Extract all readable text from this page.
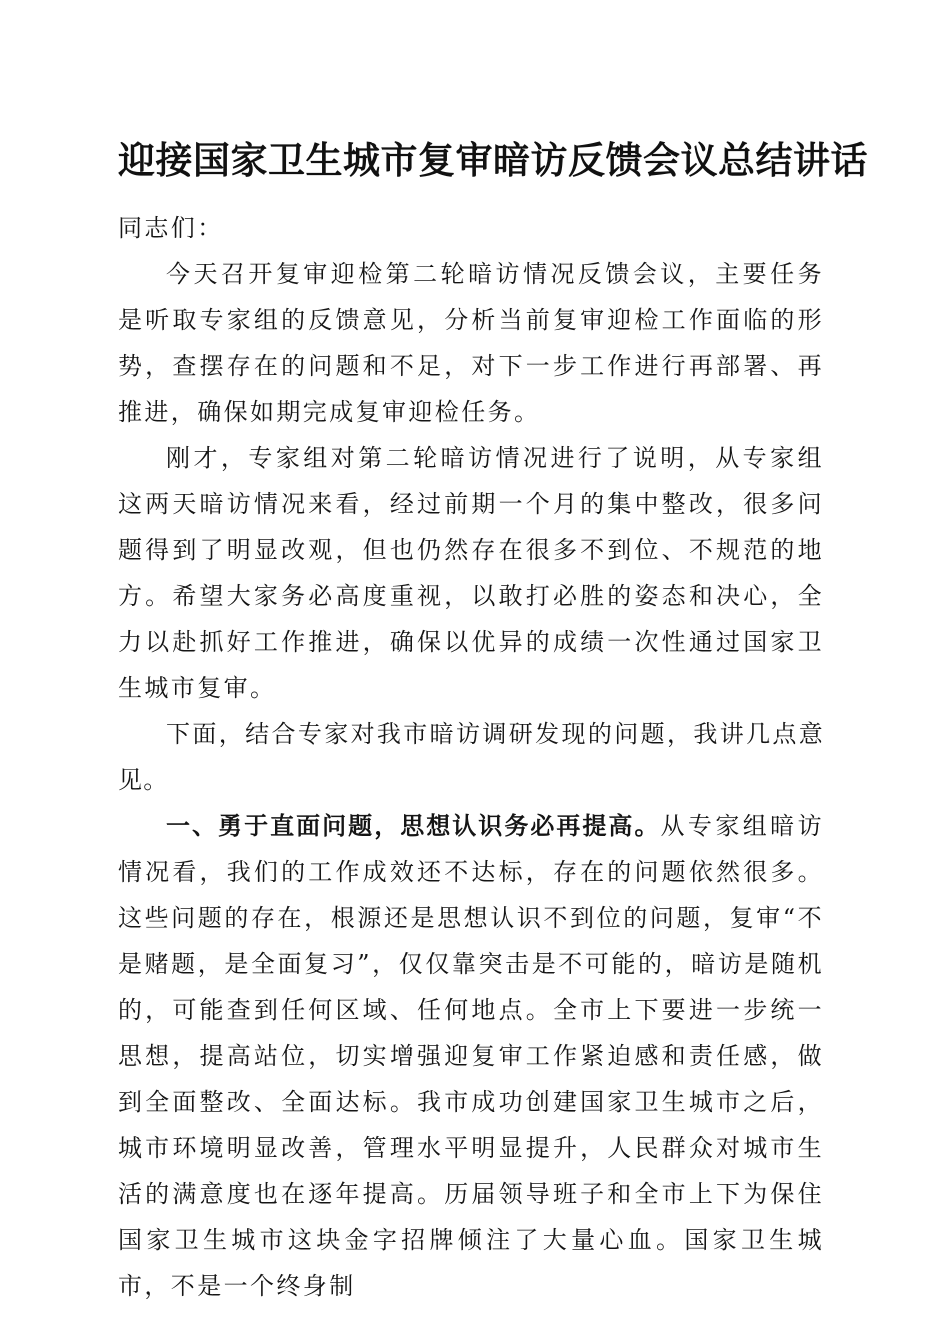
迎接国家卫生城市复审暗访反馈会议总结讲话

同志们：

今天召开复审迎检第二轮暗访情况反馈会议，主要任务是听取专家组的反馈意见，分析当前复审迎检工作面临的形势，查摆存在的问题和不足，对下一步工作进行再部署、再推进，确保如期完成复审迎检任务。

刚才，专家组对第二轮暗访情况进行了说明，从专家组这两天暗访情况来看，经过前期一个月的集中整改，很多问题得到了明显改观，但也仍然存在很多不到位、不规范的地方。希望大家务必高度重视，以敢打必胜的姿态和决心，全力以赴抓好工作推进，确保以优异的成绩一次性通过国家卫生城市复审。

下面，结合专家对我市暗访调研发现的问题，我讲几点意见。

一、勇于直面问题，思想认识务必再提高。从专家组暗访情况看，我们的工作成效还不达标，存在的问题依然很多。这些问题的存在，根源还是思想认识不到位的问题，复审“不是赌题，是全面复习”，仅仅靠突击是不可能的，暗访是随机的，可能查到任何区域、任何地点。全市上下要进一步统一思想，提高站位，切实增强迎复审工作紧迫感和责任感，做到全面整改、全面达标。我市成功创建国家卫生城市之后，城市环境明显改善，管理水平明显提升，人民群众对城市生活的满意度也在逐年提高。历届领导班子和全市上下为保住国家卫生城市这块金字招牌倾注了大量心血。国家卫生城市，不是一个终身制
